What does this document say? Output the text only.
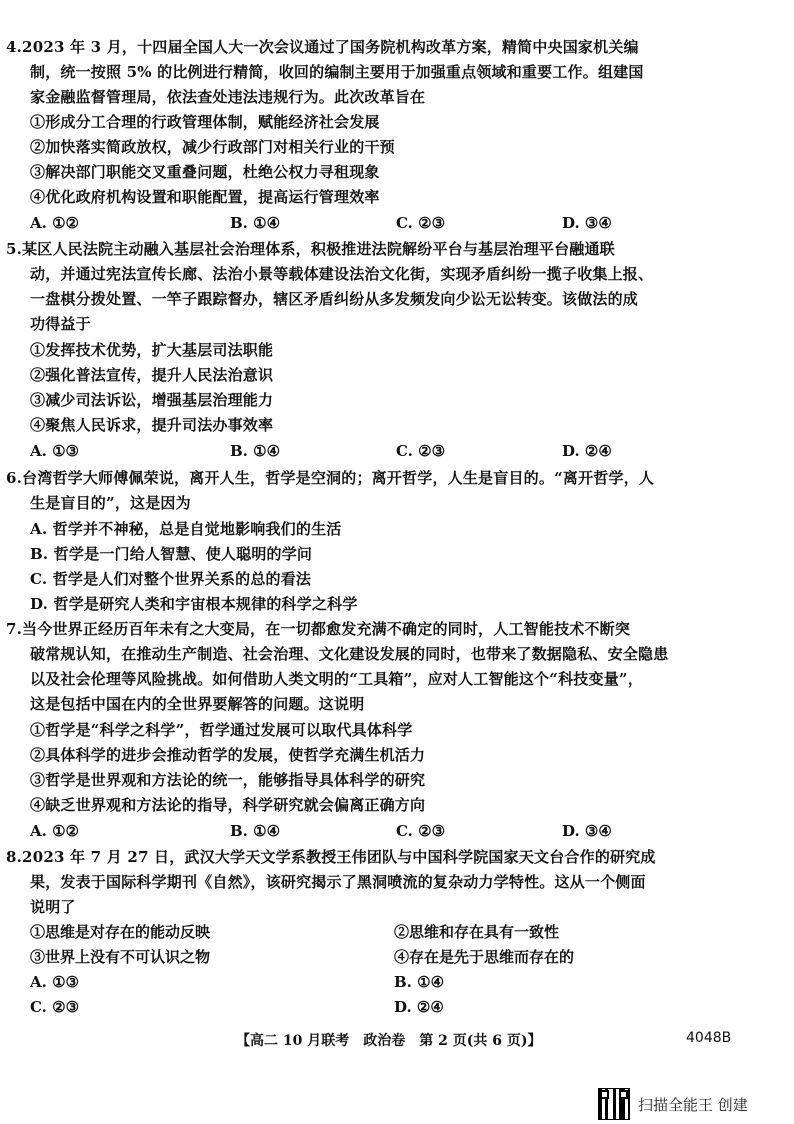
4.2023 年 3 月，十四届全国人大一次会议通过了国务院机构改革方案，精简中央国家机关编
制，统一按照 5% 的比例进行精简，收回的编制主要用于加强重点领域和重要工作。组建国
家金融监督管理局，依法查处违法违规行为。此次改革旨在
①形成分工合理的行政管理体制，赋能经济社会发展
②加快落实简政放权，减少行政部门对相关行业的干预
③解决部门职能交叉重叠问题，杜绝公权力寻租现象
④优化政府机构设置和职能配置，提高运行管理效率
A. ①②	B. ①④	C. ②③	D. ③④
5.某区人民法院主动融入基层社会治理体系，积极推进法院解纷平台与基层治理平台融通联
动，并通过宪法宣传长廊、法治小景等载体建设法治文化街，实现矛盾纠纷一揽子收集上报、
一盘棋分拨处置、一竿子跟踪督办，辖区矛盾纠纷从多发频发向少讼无讼转变。该做法的成
功得益于
①发挥技术优势，扩大基层司法职能
②强化普法宣传，提升人民法治意识
③减少司法诉讼，增强基层治理能力
④聚焦人民诉求，提升司法办事效率
A. ①③	B. ①④	C. ②③	D. ②④
6.台湾哲学大师傅佩荣说，离开人生，哲学是空洞的；离开哲学，人生是盲目的。“离开哲学，人
生是盲目的”，这是因为
A. 哲学并不神秘，总是自觉地影响我们的生活
B. 哲学是一门给人智慧、使人聪明的学问
C. 哲学是人们对整个世界关系的总的看法
D. 哲学是研究人类和宇宙根本规律的科学之科学
7.当今世界正经历百年未有之大变局，在一切都愈发充满不确定的同时，人工智能技术不断突
破常规认知，在推动生产制造、社会治理、文化建设发展的同时，也带来了数据隐私、安全隐患
以及社会伦理等风险挑战。如何借助人类文明的“工具箱”，应对人工智能这个“科技变量”，
这是包括中国在内的全世界要解答的问题。这说明
①哲学是“科学之科学”，哲学通过发展可以取代具体科学
②具体科学的进步会推动哲学的发展，使哲学充满生机活力
③哲学是世界观和方法论的统一，能够指导具体科学的研究
④缺乏世界观和方法论的指导，科学研究就会偏离正确方向
A. ①②	B. ①④	C. ②③	D. ③④
8.2023 年 7 月 27 日，武汉大学天文学系教授王伟团队与中国科学院国家天文台合作的研究成
果，发表于国际科学期刊《自然》，该研究揭示了黑洞喷流的复杂动力学特性。这从一个侧面
说明了
①思维是对存在的能动反映	②思维和存在具有一致性
③世界上没有不可认识之物	④存在是先于思维而存在的
A. ①③	B. ①④
C. ②③	D. ②④
【高二 10 月联考　政治卷　第 2 页(共 6 页)】	4048B
扫描全能王 创建
